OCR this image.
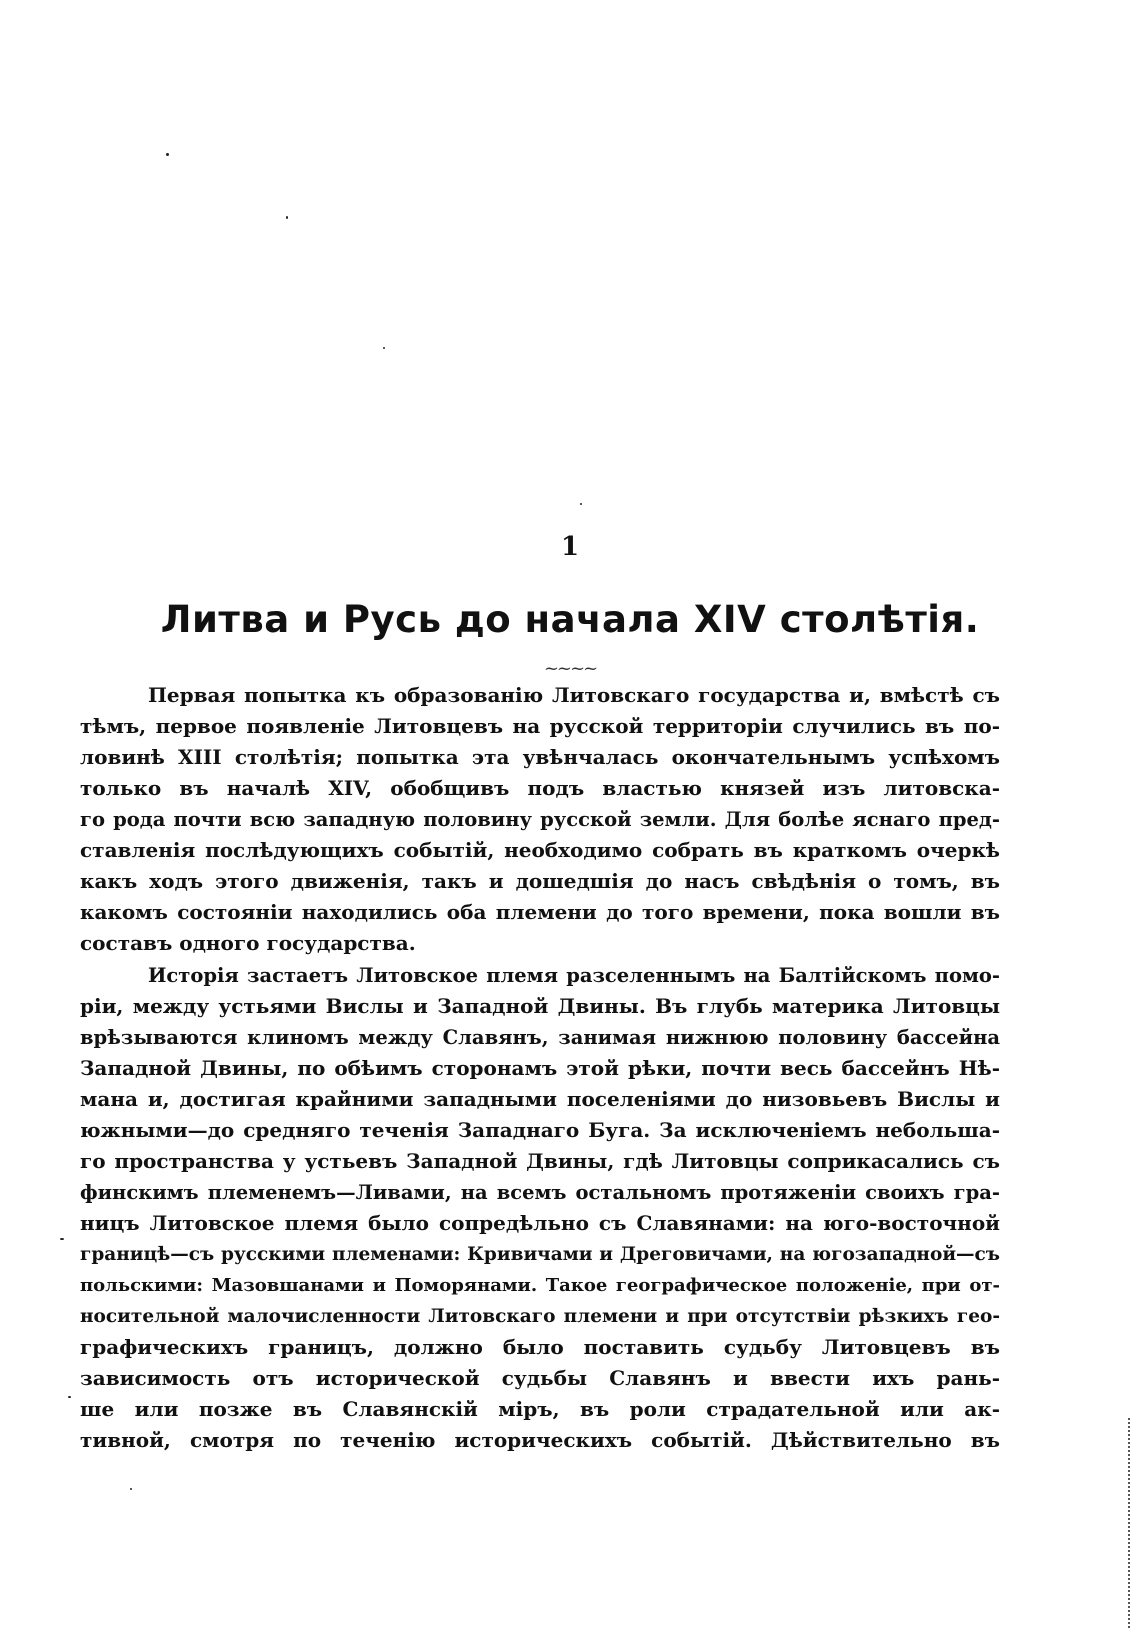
1
Литва и Русь до начала XIV столѣтія.
~~~~
Первая попытка къ образованію Литовскаго государства и, вмѣстѣ съ
тѣмъ, первое появленіе Литовцевъ на русской территоріи случились въ по-
ловинѣ XIII столѣтія; попытка эта увѣнчалась окончательнымъ успѣхомъ
только въ началѣ XIV, обобщивъ подъ властью князей изъ литовска-
го рода почти всю западную половину русской земли. Для болѣе яснаго пред-
ставленія послѣдующихъ событій, необходимо собрать въ краткомъ очеркѣ
какъ ходъ этого движенія, такъ и дошедшія до насъ свѣдѣнія о томъ, въ
какомъ состояніи находились оба племени до того времени, пока вошли въ
составъ одного государства.
Исторія застаетъ Литовское племя разселеннымъ на Балтійскомъ помо-
ріи, между устьями Вислы и Западной Двины. Въ глубь материка Литовцы
врѣзываются клиномъ между Славянъ, занимая нижнюю половину бассейна
Западной Двины, по обѣимъ сторонамъ этой рѣки, почти весь бассейнъ Нѣ-
мана и, достигая крайними западными поселеніями до низовьевъ Вислы и
южными—до средняго теченія Западнаго Буга. За исключеніемъ небольша-
го пространства у устьевъ Западной Двины, гдѣ Литовцы соприкасались съ
финскимъ племенемъ—Ливами, на всемъ остальномъ протяженіи своихъ гра-
ницъ Литовское племя было сопредѣльно съ Славянами: на юго-восточной
границѣ—съ русскими племенами: Кривичами и Дреговичами, на югозападной—съ
польскими: Мазовшанами и Поморянами. Такое географическое положеніе, при от-
носительной малочисленности Литовскаго племени и при отсутствіи рѣзкихъ гео-
графическихъ границъ, должно было поставить судьбу Литовцевъ въ
зависимость отъ исторической судьбы Славянъ и ввести ихъ рань-
ше или позже въ Славянскій міръ, въ роли страдательной или ак-
тивной, смотря по теченію историческихъ событій. Дѣйствительно въ
